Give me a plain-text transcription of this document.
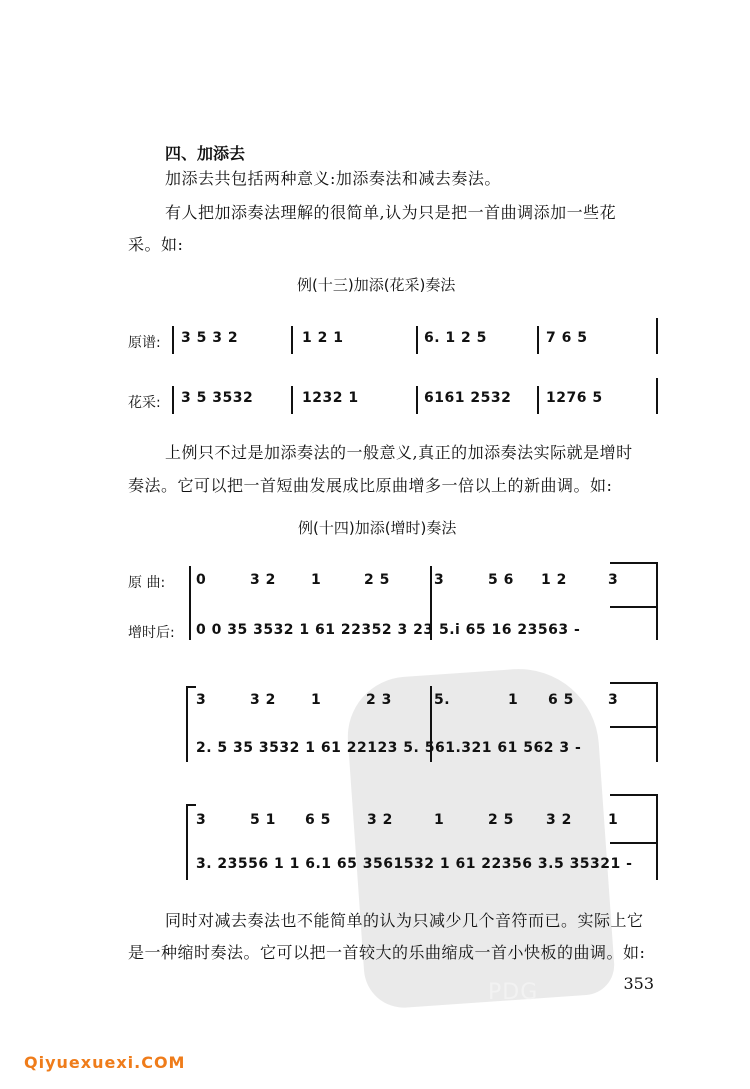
PDG
四、加添去
加添去共包括两种意义:加添奏法和减去奏法。
有人把加添奏法理解的很简单,认为只是把一首曲调添加一些花
采。如:
例(十三)加添(花采)奏法
原谱:
花采:
3 5 3 2	1 2 1	6. 1 2 5	7 6 5
3 5 3532	1232 1	6161 2532 1276 5
上例只不过是加添奏法的一般意义,真正的加添奏法实际就是增时
奏法。它可以把一首短曲发展成比原曲增多一倍以上的新曲调。如:
例(十四)加添(增时)奏法
原 曲:
增时后:
0	3 2	1	2 5	3	5 6 1 2	3
0 0 35 3532 1 61 22352 3 23 5.i 65 16 23563 -
3	3 2	1	2 3	5.	1 6 5 3
2. 5 35 3532 1 61 22123 5. 561.321 61 562 3 -
3	5 1 6 5	3 2	1	2 5 3 2	1
3. 23556 1 1 6.1 65 3561532 1 61 22356 3.5 35321 -
同时对减去奏法也不能简单的认为只减少几个音符而已。实际上它
是一种缩时奏法。它可以把一首较大的乐曲缩成一首小快板的曲调。如:
353
Qiyuexuexi.COM
